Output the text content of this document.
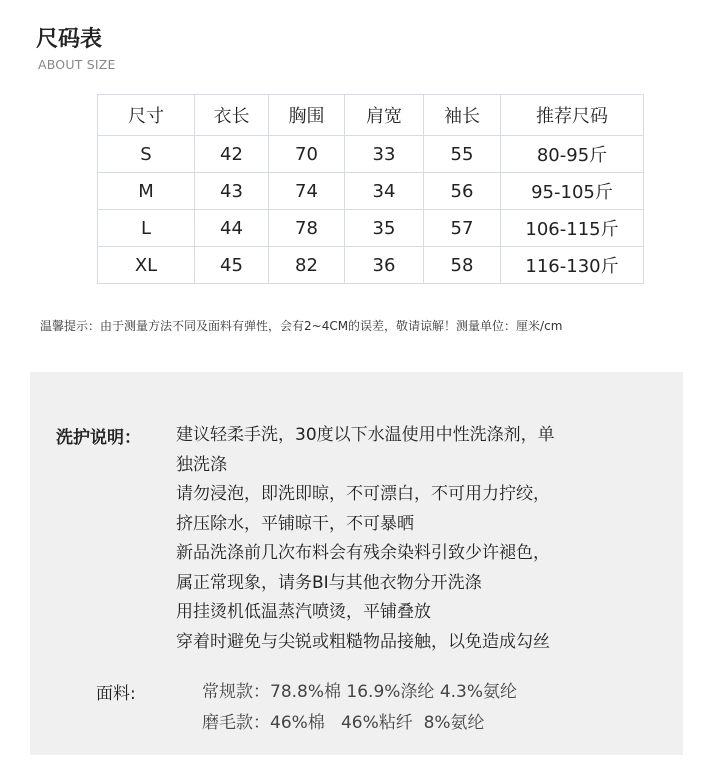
尺码表
ABOUT SIZE
尺寸	衣长	胸围	肩宽	袖长	推荐尺码
S	42	70	33	55	80-95斤
M	43	74	34	56	95-105斤
L	44	78	35	57	106-115斤
XL	45	82	36	58	116-130斤
温馨提示：由于测量方法不同及面料有弹性，会有2~4CM的误差，敬请谅解！测量单位：厘米/cm
洗护说明： 建议轻柔手洗，30度以下水温使用中性洗涤剂，单
独洗涤
请勿浸泡，即洗即晾，不可漂白，不可用力拧绞，
挤压除水，平铺晾干，不可暴晒
新品洗涤前几次布料会有残余染料引致少许褪色，
属正常现象，请务BI与其他衣物分开洗涤
用挂烫机低温蒸汽喷烫，平铺叠放
穿着时避免与尖锐或粗糙物品接触，以免造成勾丝
面料:	常规款：78.8%棉 16.9%涤纶 4.3%氨纶
磨毛款：46%棉   46%粘纤  8%氨纶
